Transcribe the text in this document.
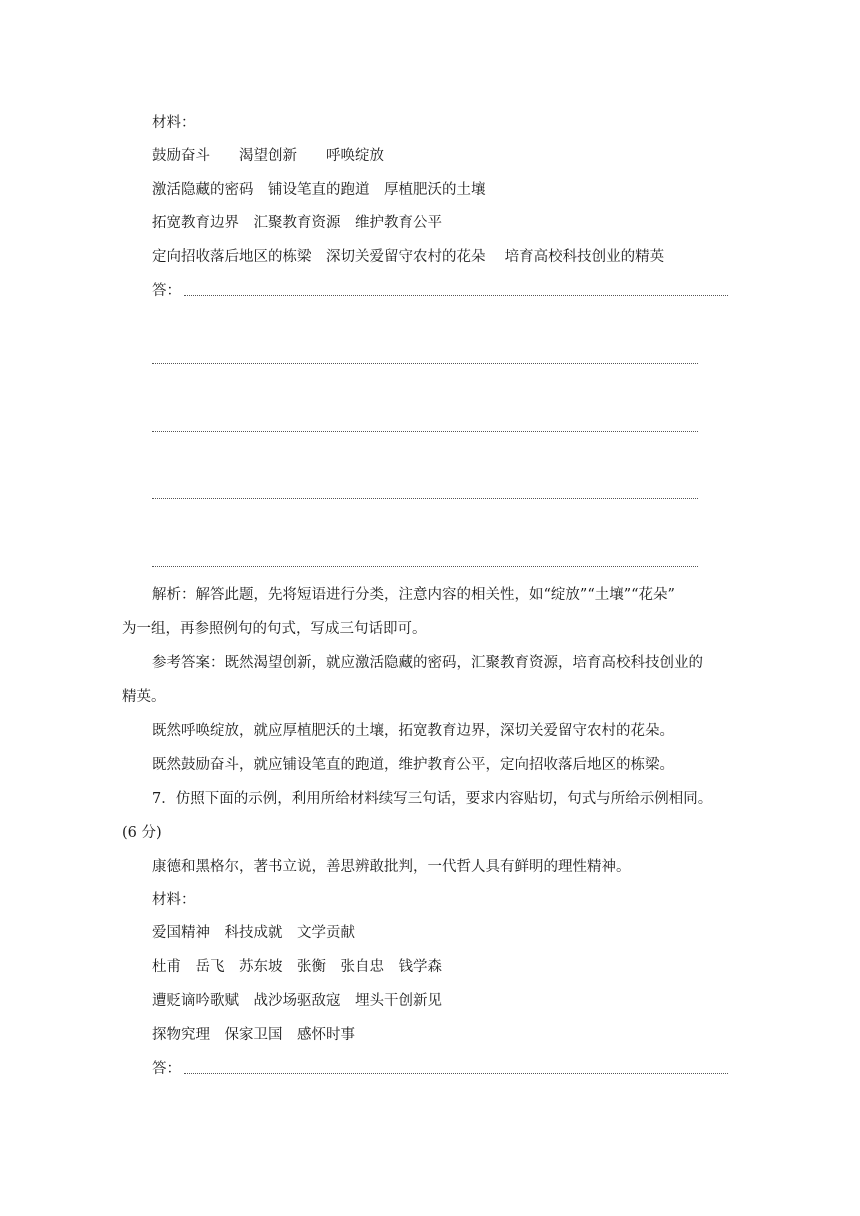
材料：
鼓励奋斗　　渴望创新　　呼唤绽放
激活隐藏的密码　铺设笔直的跑道　厚植肥沃的土壤
拓宽教育边界　汇聚教育资源　维护教育公平
定向招收落后地区的栋梁　深切关爱留守农村的花朵　 培育高校科技创业的精英
答：
解析：解答此题，先将短语进行分类，注意内容的相关性，如“绽放”“土壤”“花朵”
为一组，再参照例句的句式，写成三句话即可。
参考答案：既然渴望创新，就应激活隐藏的密码，汇聚教育资源，培育高校科技创业的
精英。
既然呼唤绽放，就应厚植肥沃的土壤，拓宽教育边界，深切关爱留守农村的花朵。
既然鼓励奋斗，就应铺设笔直的跑道，维护教育公平，定向招收落后地区的栋梁。
7．仿照下面的示例，利用所给材料续写三句话，要求内容贴切，句式与所给示例相同。
(6 分)
康德和黑格尔，著书立说，善思辨敢批判，一代哲人具有鲜明的理性精神。
材料：
爱国精神　科技成就　文学贡献
杜甫　岳飞　苏东坡　张衡　张自忠　钱学森
遭贬谪吟歌赋　战沙场驱敌寇　埋头干创新见
探物究理　保家卫国　感怀时事
答：
